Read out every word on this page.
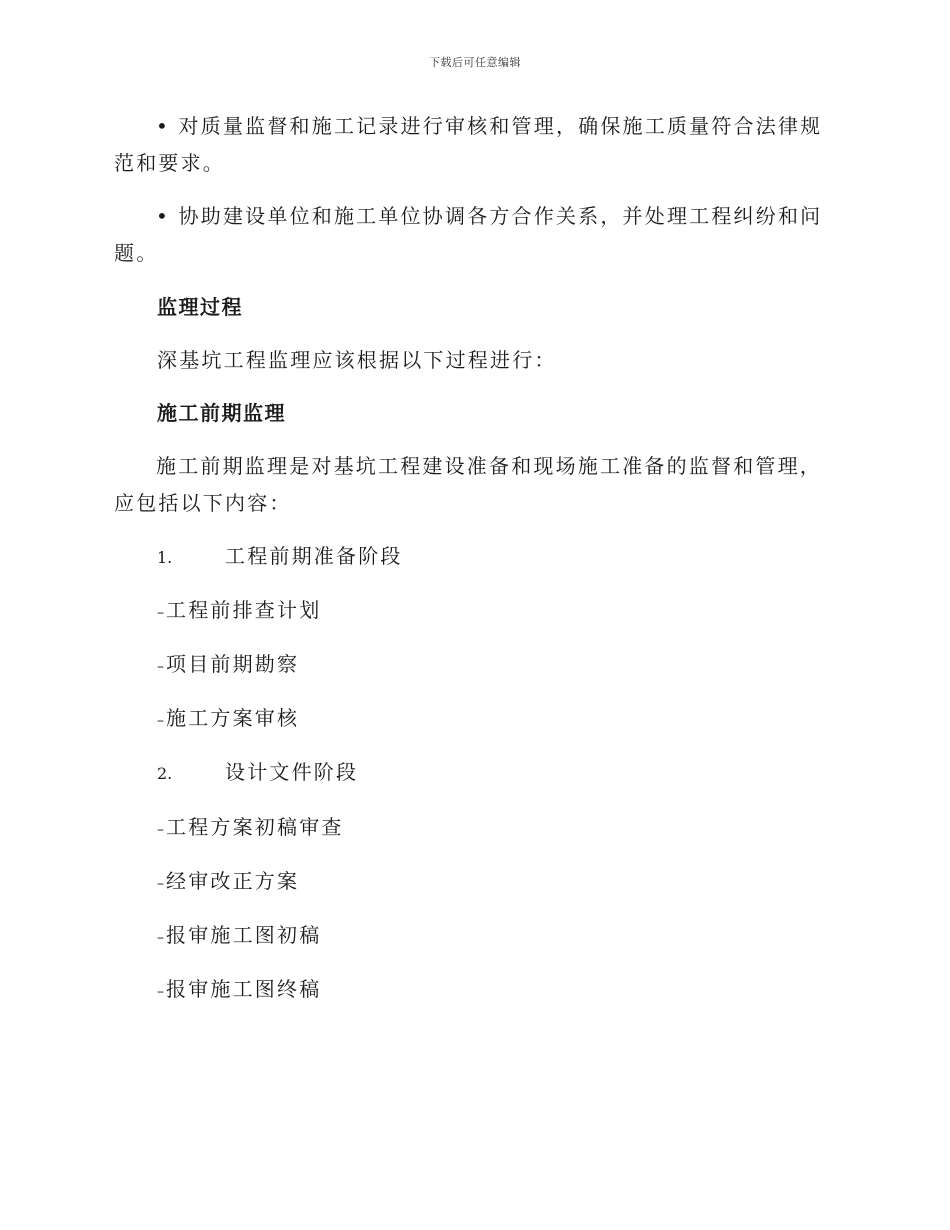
下载后可任意编辑
• 对质量监督和施工记录进行审核和管理，确保施工质量符合法律规范和要求。
• 协助建设单位和施工单位协调各方合作关系，并处理工程纠纷和问题。
监理过程
深基坑工程监理应该根据以下过程进行：
施工前期监理
施工前期监理是对基坑工程建设准备和现场施工准备的监督和管理，应包括以下内容：
1.	工程前期准备阶段
– 工程前排查计划
– 项目前期勘察
– 施工方案审核
2.	设计文件阶段
– 工程方案初稿审查
– 经审改正方案
– 报审施工图初稿
– 报审施工图终稿
